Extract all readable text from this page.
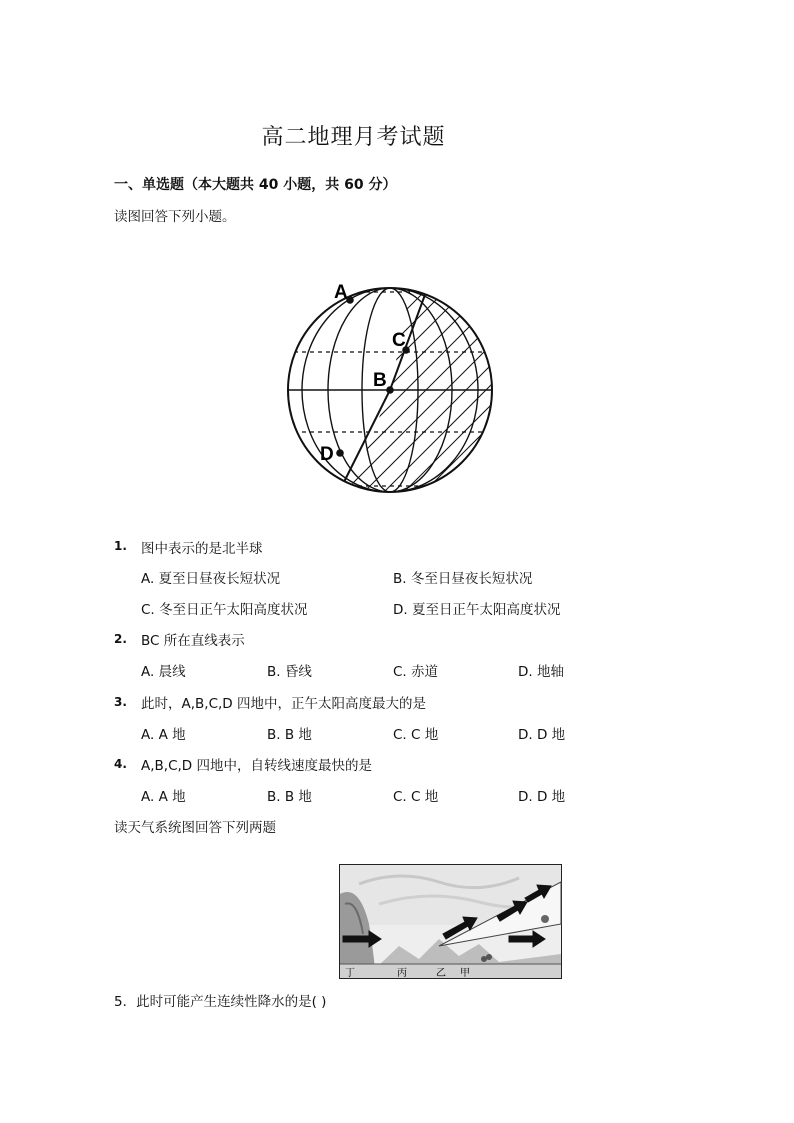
高二地理月考试题
一、单选题（本大题共 40 小题，共 60 分）
读图回答下列小题。
A
B
C
D
1. 图中表示的是北半球
A. 夏至日昼夜长短状况	B. 冬至日昼夜长短状况
C. 冬至日正午太阳高度状况	D. 夏至日正午太阳高度状况
2. BC 所在直线表示
A. 晨线	B. 昏线	C. 赤道	D. 地轴
3. 此时，A,B,C,D 四地中，正午太阳高度最大的是
A. A 地	B. B 地	C. C 地	D. D 地
4. A,B,C,D 四地中，自转线速度最快的是
A. A 地	B. B 地	C. C 地	D. D 地
读天气系统图回答下列两题
丁	丙	乙 甲
5．此时可能产生连续性降水的是( )
